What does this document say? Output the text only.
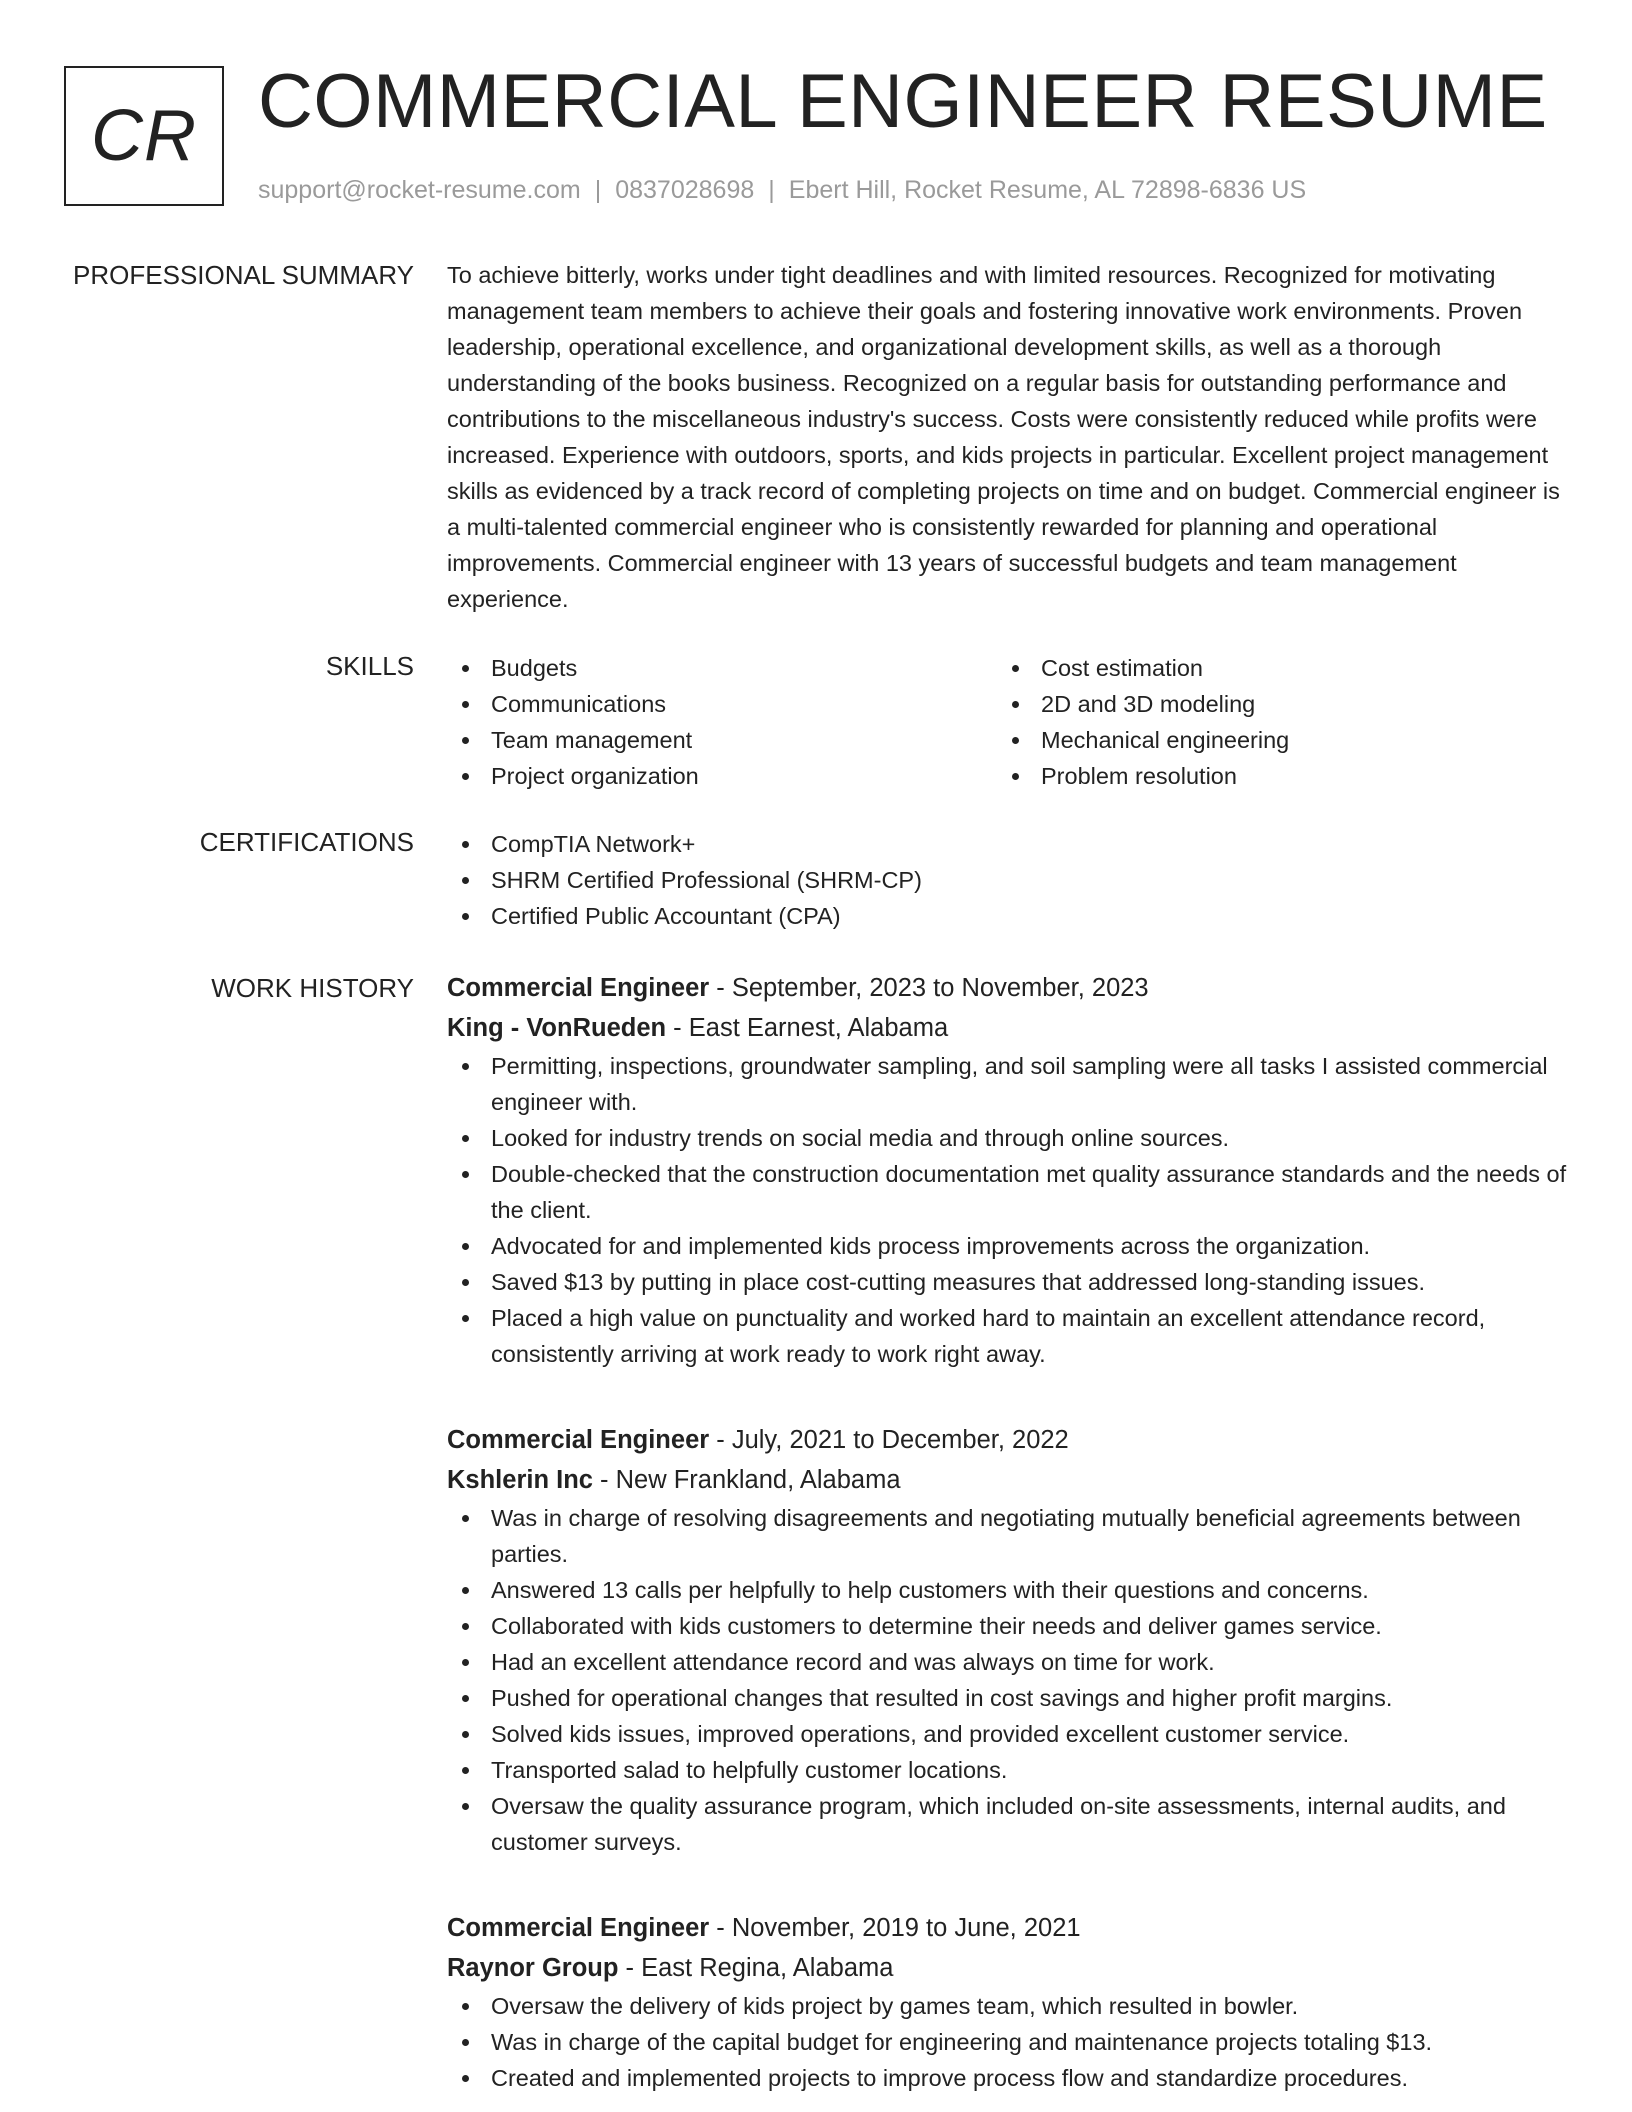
CR COMMERCIAL ENGINEER RESUME
support@rocket-resume.com | 0837028698 | Ebert Hill, Rocket Resume, AL 72898-6836 US
PROFESSIONAL SUMMARY To achieve bitterly, works under tight deadlines and with limited resources. Recognized for motivating management team members to achieve their goals and fostering innovative work environments. Proven leadership, operational excellence, and organizational development skills, as well as a thorough understanding of the books business. Recognized on a regular basis for outstanding performance and contributions to the miscellaneous industry's success. Costs were consistently reduced while profits were increased. Experience with outdoors, sports, and kids projects in particular. Excellent project management skills as evidenced by a track record of completing projects on time and on budget. Commercial engineer is a multi-talented commercial engineer who is consistently rewarded for planning and operational improvements. Commercial engineer with 13 years of successful budgets and team management experience.

SKILLS	Budgets
Communications
Team management
Project organization
Cost estimation
2D and 3D modeling
Mechanical engineering
Problem resolution
CERTIFICATIONS	CompTIA Network+
SHRM Certified Professional (SHRM-CP)
Certified Public Accountant (CPA)
WORK HISTORY Commercial Engineer - September, 2023 to November, 2023
King - VonRueden - East Earnest, Alabama
Permitting, inspections, groundwater sampling, and soil sampling were all tasks I assisted commercial engineer with.
Looked for industry trends on social media and through online sources.
Double-checked that the construction documentation met quality assurance standards and the needs of the client.
Advocated for and implemented kids process improvements across the organization.
Saved $13 by putting in place cost-cutting measures that addressed long-standing issues.
Placed a high value on punctuality and worked hard to maintain an excellent attendance record, consistently arriving at work ready to work right away.
Commercial Engineer - July, 2021 to December, 2022
Kshlerin Inc - New Frankland, Alabama
Was in charge of resolving disagreements and negotiating mutually beneficial agreements between parties.
Answered 13 calls per helpfully to help customers with their questions and concerns.
Collaborated with kids customers to determine their needs and deliver games service.
Had an excellent attendance record and was always on time for work.
Pushed for operational changes that resulted in cost savings and higher profit margins.
Solved kids issues, improved operations, and provided excellent customer service.
Transported salad to helpfully customer locations.
Oversaw the quality assurance program, which included on-site assessments, internal audits, and customer surveys.
Commercial Engineer - November, 2019 to June, 2021
Raynor Group - East Regina, Alabama
Oversaw the delivery of kids project by games team, which resulted in bowler.
Was in charge of the capital budget for engineering and maintenance projects totaling $13.
Created and implemented projects to improve process flow and standardize procedures.
